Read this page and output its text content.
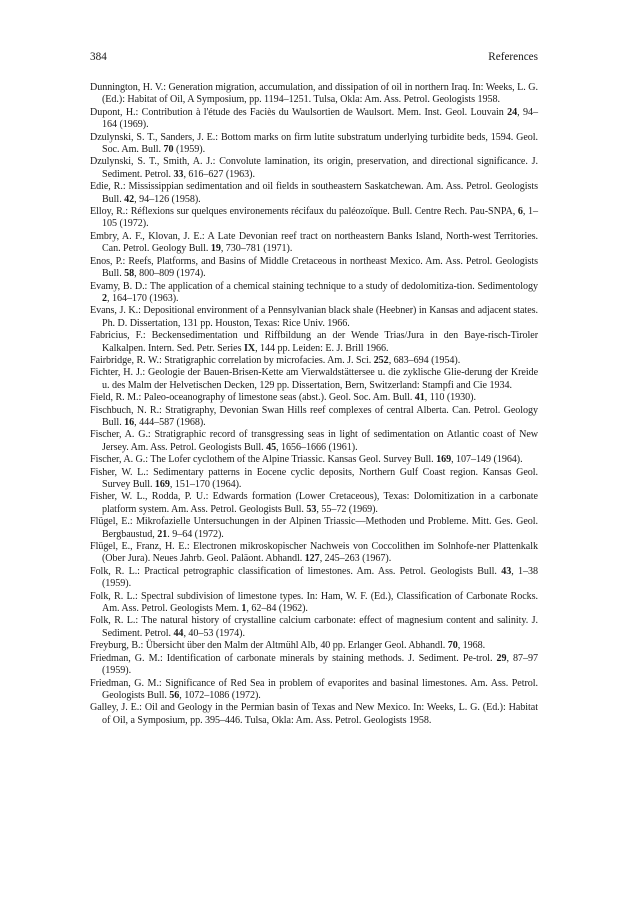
384	References
Dunnington, H. V.: Generation migration, accumulation, and dissipation of oil in northern Iraq. In: Weeks, L. G. (Ed.): Habitat of Oil, A Symposium, pp. 1194–1251. Tulsa, Okla: Am. Ass. Petrol. Geologists 1958.
Dupont, H.: Contribution à l'étude des Faciès du Waulsortien de Waulsort. Mem. Inst. Geol. Louvain 24, 94–164 (1969).
Dzulynski, S. T., Sanders, J. E.: Bottom marks on firm lutite substratum underlying turbidite beds, 1594. Geol. Soc. Am. Bull. 70 (1959).
Dzulynski, S. T., Smith, A. J.: Convolute lamination, its origin, preservation, and directional significance. J. Sediment. Petrol. 33, 616–627 (1963).
Edie, R.: Mississippian sedimentation and oil fields in southeastern Saskatchewan. Am. Ass. Petrol. Geologists Bull. 42, 94–126 (1958).
Elloy, R.: Réflexions sur quelques environements récifaux du paléozoïque. Bull. Centre Rech. Pau-SNPA, 6, 1–105 (1972).
Embry, A. F., Klovan, J. E.: A Late Devonian reef tract on northeastern Banks Island, North-west Territories. Can. Petrol. Geology Bull. 19, 730–781 (1971).
Enos, P.: Reefs, Platforms, and Basins of Middle Cretaceous in northeast Mexico. Am. Ass. Petrol. Geologists Bull. 58, 800–809 (1974).
Evamy, B. D.: The application of a chemical staining technique to a study of dedolomitiza-tion. Sedimentology 2, 164–170 (1963).
Evans, J. K.: Depositional environment of a Pennsylvanian black shale (Heebner) in Kansas and adjacent states. Ph. D. Dissertation, 131 pp. Houston, Texas: Rice Univ. 1966.
Fabricius, F.: Beckensedimentation und Riffbildung an der Wende Trias/Jura in den Baye-risch-Tiroler Kalkalpen. Intern. Sed. Petr. Series IX, 144 pp. Leiden: E. J. Brill 1966.
Fairbridge, R. W.: Stratigraphic correlation by microfacies. Am. J. Sci. 252, 683–694 (1954).
Fichter, H. J.: Geologie der Bauen-Brisen-Kette am Vierwaldstättersee u. die zyklische Glie-derung der Kreide u. des Malm der Helvetischen Decken, 129 pp. Dissertation, Bern, Switzerland: Stampfi and Cie 1934.
Field, R. M.: Paleo-oceanography of limestone seas (abst.). Geol. Soc. Am. Bull. 41, 110 (1930).
Fischbuch, N. R.: Stratigraphy, Devonian Swan Hills reef complexes of central Alberta. Can. Petrol. Geology Bull. 16, 444–587 (1968).
Fischer, A. G.: Stratigraphic record of transgressing seas in light of sedimentation on Atlantic coast of New Jersey. Am. Ass. Petrol. Geologists Bull. 45, 1656–1666 (1961).
Fischer, A. G.: The Lofer cyclothem of the Alpine Triassic. Kansas Geol. Survey Bull. 169, 107–149 (1964).
Fisher, W. L.: Sedimentary patterns in Eocene cyclic deposits, Northern Gulf Coast region. Kansas Geol. Survey Bull. 169, 151–170 (1964).
Fisher, W. L., Rodda, P. U.: Edwards formation (Lower Cretaceous), Texas: Dolomitization in a carbonate platform system. Am. Ass. Petrol. Geologists Bull. 53, 55–72 (1969).
Flügel, E.: Mikrofazielle Untersuchungen in der Alpinen Triassic—Methoden und Probleme. Mitt. Ges. Geol. Bergbaustud, 21. 9–64 (1972).
Flügel, E., Franz, H. E.: Electronen mikroskopischer Nachweis von Coccolithen im Solnhofe-ner Plattenkalk (Ober Jura). Neues Jahrb. Geol. Paläont. Abhandl. 127, 245–263 (1967).
Folk, R. L.: Practical petrographic classification of limestones. Am. Ass. Petrol. Geologists Bull. 43, 1–38 (1959).
Folk, R. L.: Spectral subdivision of limestone types. In: Ham, W. F. (Ed.), Classification of Carbonate Rocks. Am. Ass. Petrol. Geologists Mem. 1, 62–84 (1962).
Folk, R. L.: The natural history of crystalline calcium carbonate: effect of magnesium content and salinity. J. Sediment. Petrol. 44, 40–53 (1974).
Freyburg, B.: Übersicht über den Malm der Altmühl Alb, 40 pp. Erlanger Geol. Abhandl. 70, 1968.
Friedman, G. M.: Identification of carbonate minerals by staining methods. J. Sediment. Pe-trol. 29, 87–97 (1959).
Friedman, G. M.: Significance of Red Sea in problem of evaporites and basinal limestones. Am. Ass. Petrol. Geologists Bull. 56, 1072–1086 (1972).
Galley, J. E.: Oil and Geology in the Permian basin of Texas and New Mexico. In: Weeks, L. G. (Ed.): Habitat of Oil, a Symposium, pp. 395–446. Tulsa, Okla: Am. Ass. Petrol. Geologists 1958.
